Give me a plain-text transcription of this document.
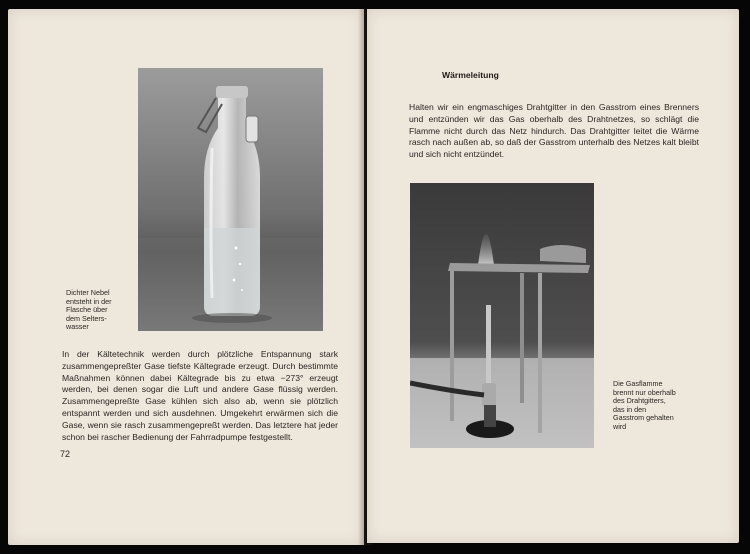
Dichter Nebel entsteht in der Flasche über dem Selters-wasser

In der Kältetechnik werden durch plötzliche Entspannung stark zusammengepreßter Gase tiefste Kältegrade erzeugt. Durch bestimmte Maßnahmen können dabei Kältegrade bis zu etwa −273° erzeugt werden, bei denen sogar die Luft und andere Gase flüssig werden. Zusammengepreßte Gase kühlen sich also ab, wenn sie plötzlich entspannt werden und sich ausdehnen. Umgekehrt erwärmen sich die Gase, wenn sie rasch zusammengepreßt werden. Das letztere hat jeder schon bei rascher Bedienung der Fahrradpumpe festgestellt.

72
Wärmeleitung

Halten wir ein engmaschiges Drahtgitter in den Gasstrom eines Brenners und entzünden wir das Gas oberhalb des Drahtnetzes, so schlägt die Flamme nicht durch das Netz hindurch. Das Drahtgitter leitet die Wärme rasch nach außen ab, so daß der Gasstrom unterhalb des Netzes kalt bleibt und sich nicht entzündet.

Die Gasflamme brennt nur oberhalb des Drahtgitters, das in den Gasstrom gehalten wird
